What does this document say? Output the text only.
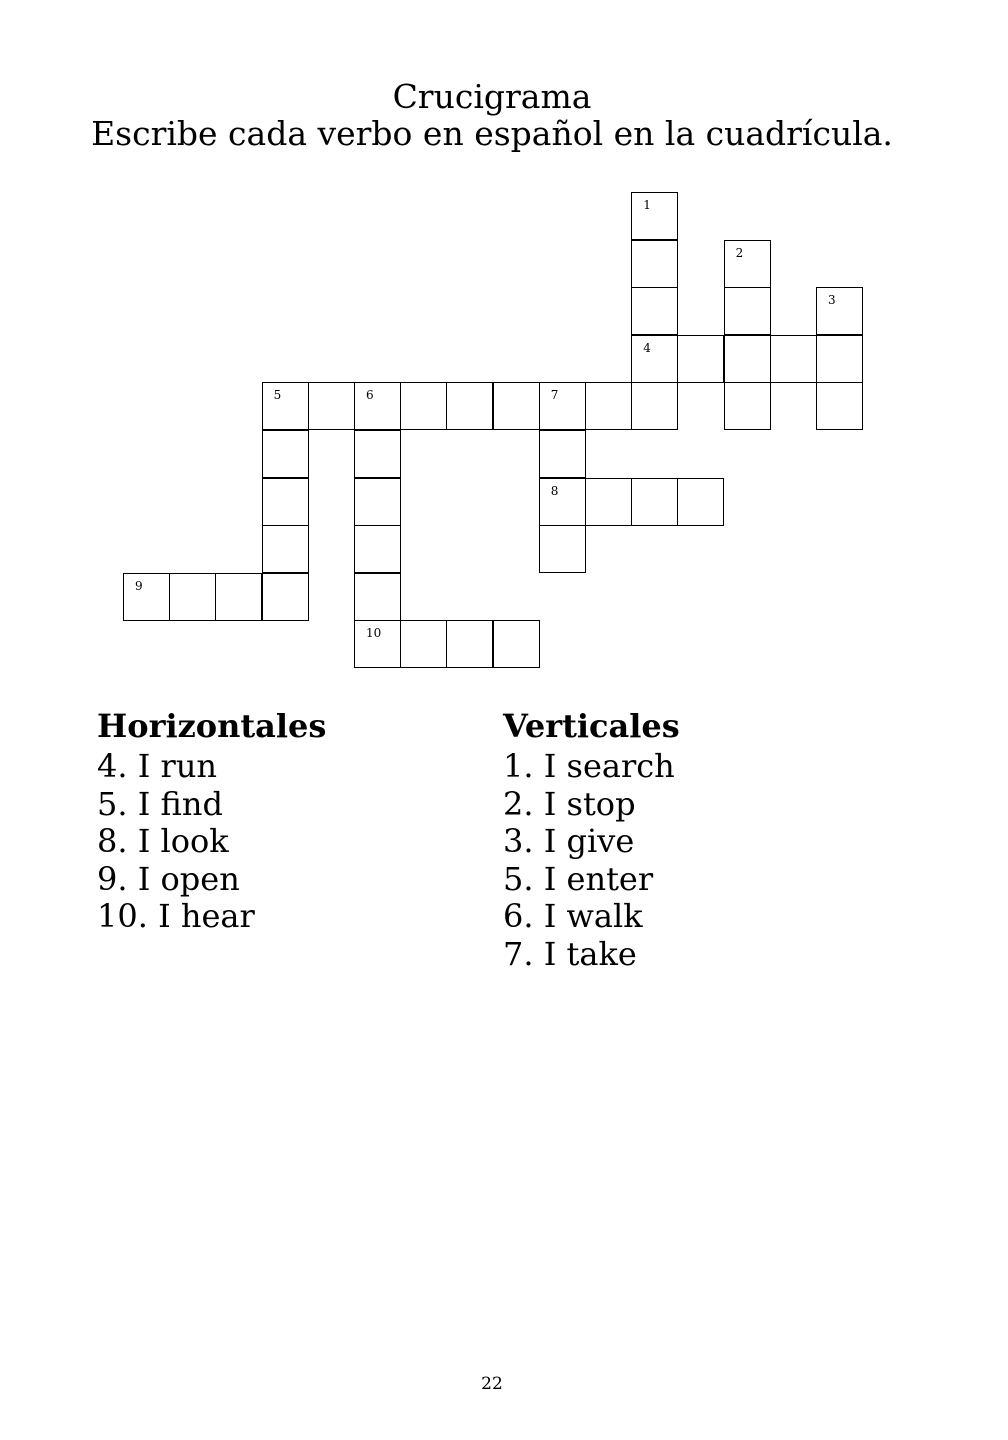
Crucigrama
Escribe cada verbo en español en la cuadrícula.
1
4
2
3
5	6	7
10
8
9
Horizontales
4. I run
5. I find
8. I look
9. I open
10. I hear
Verticales
1. I search
2. I stop
3. I give
5. I enter
6. I walk
7. I take
22
